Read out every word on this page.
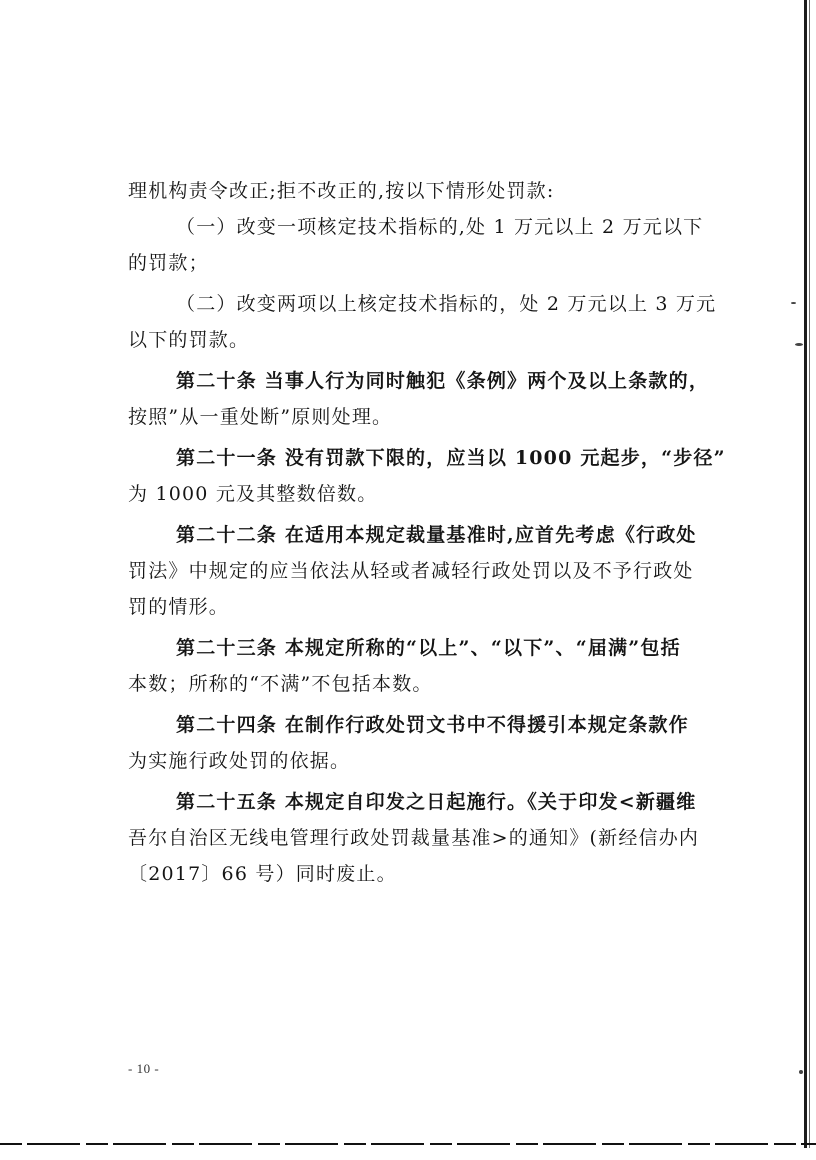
理机构责令改正;拒不改正的,按以下情形处罚款:
（一）改变一项核定技术指标的,处 1 万元以上 2 万元以下
的罚款；
（二）改变两项以上核定技术指标的，处 2 万元以上 3 万元
以下的罚款。
第二十条 当事人行为同时触犯《条例》两个及以上条款的，
按照”从一重处断”原则处理。
第二十一条 没有罚款下限的，应当以 1000 元起步，“步径”
为 1000 元及其整数倍数。
第二十二条 在适用本规定裁量基准时,应首先考虑《行政处
罚法》中规定的应当依法从轻或者减轻行政处罚以及不予行政处
罚的情形。
第二十三条 本规定所称的“以上”、“以下”、“届满”包括
本数；所称的“不满”不包括本数。
第二十四条 在制作行政处罚文书中不得援引本规定条款作
为实施行政处罚的依据。
第二十五条 本规定自印发之日起施行。《关于印发<新疆维
吾尔自治区无线电管理行政处罚裁量基准>的通知》(新经信办内
〔2017〕66 号）同时废止。
- 10 -
